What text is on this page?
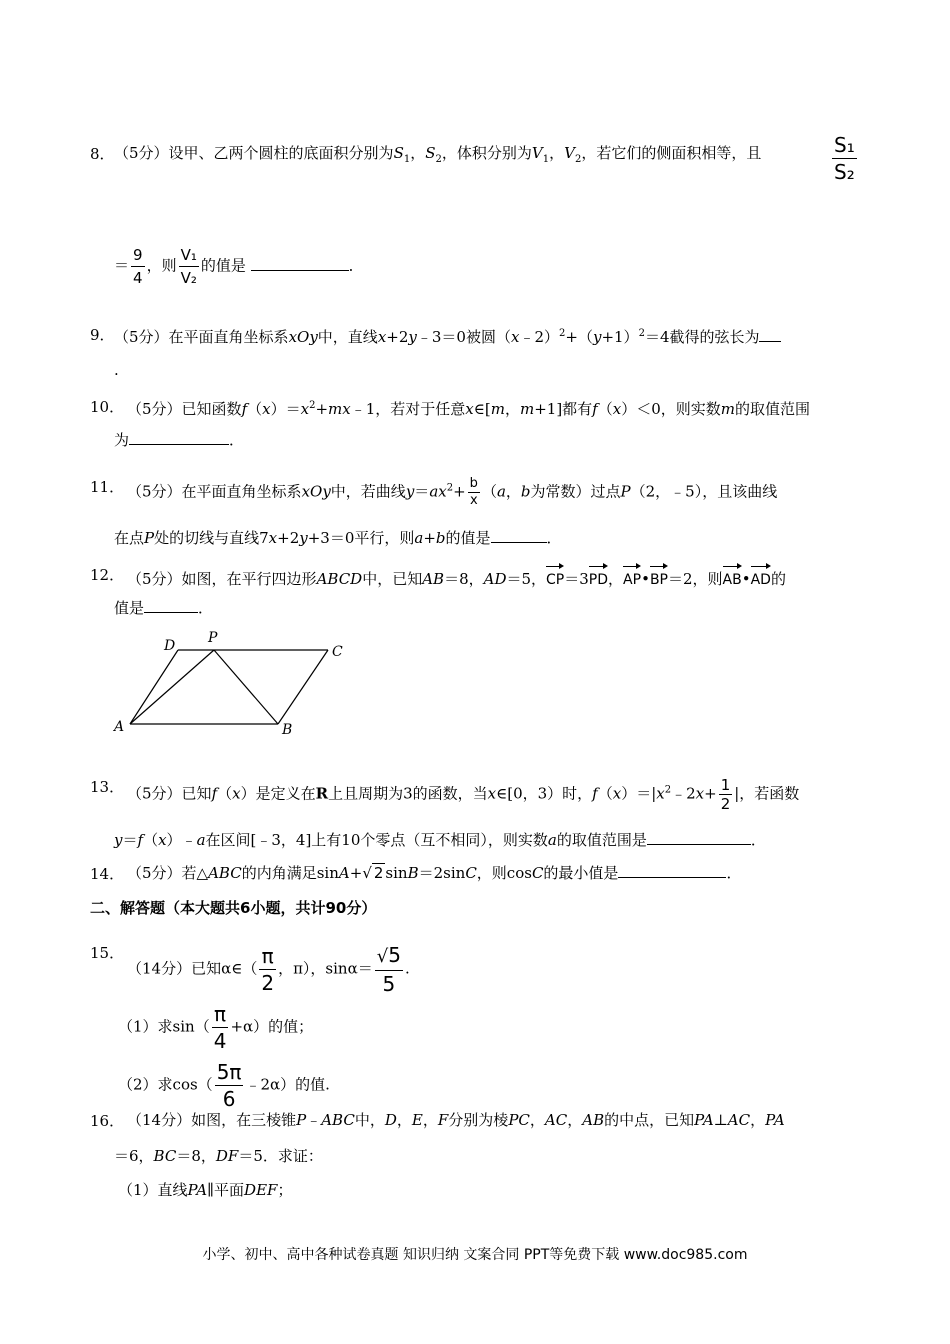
8． （5分）设甲、乙两个圆柱的底面积分别为$S_1$，$S_2$，体积分别为$V_1$，$V_2$，若它们的侧面积相等，且	$\frac{\text{S₁}}{\text{S₂}}$
＝ $\frac{9}{4}$ ，则 $\frac{\text{V₁}}{\text{V₂}}$ 的值是	．
9． （5分）在平面直角坐标系xOy中，直线x+2y﹣3＝0被圆$(x﹣2)^2+(y+1)^2=4$截得的弦长为
.
10． （5分）已知函数$f(x)=x^2+mx﹣1$，若对于任意x∈[m，m+1]都有f（x）＜0，则实数m的取值范围
为	．
11． （5分）在平面直角坐标系xOy中，若曲线$y=ax^2+ \frac{b}{x} (a$，b为常数）过点P（2，﹣5），且该曲线
在点P处的切线与直线7x+2y+3＝0平行，则a+b的值是	．
12． （5分）如图，在平行四边形ABCD中，已知AB＝8，AD＝5，CP＝3PD，AP•BP＝2，则AB•AD的
值是	．
A	B
C
D P
13． （5分）已知f（x）是定义在R上且周期为3的函数，当x∈[0，3）时，$f(x)=|x^2﹣2x+ \frac{1}{2}$ |，若函数
y＝f（x）﹣a在区间[﹣3，4]上有10个零点（互不相同），则实数a的取值范围是	．
14． （5分）若△ABC的内角满足sinA+√ 2 sinB＝2sinC，则cosC的最小值是	．
二、解答题（本大题共6小题，共计90分）
15．
（14分）已知α∈（ $\frac{\pi}{2}$ ，π），$\sin\alpha= \frac{√5}{5}$ .
（1）求$\sin( \frac{\pi}{4} +\alpha)$的值；
（2）求$\cos( \frac{5\pi}{6}$ ﹣2α）的值.
16． （14分）如图，在三棱锥P﹣ABC中，D，E，F分别为棱PC，AC，AB的中点，已知PA⊥AC，PA
＝6，BC＝8，DF＝5．求证：
（1）直线PA∥平面DEF；
小学、初中、高中各种试卷真题 知识归纳 文案合同 PPT等免费下载 www.doc985.com
